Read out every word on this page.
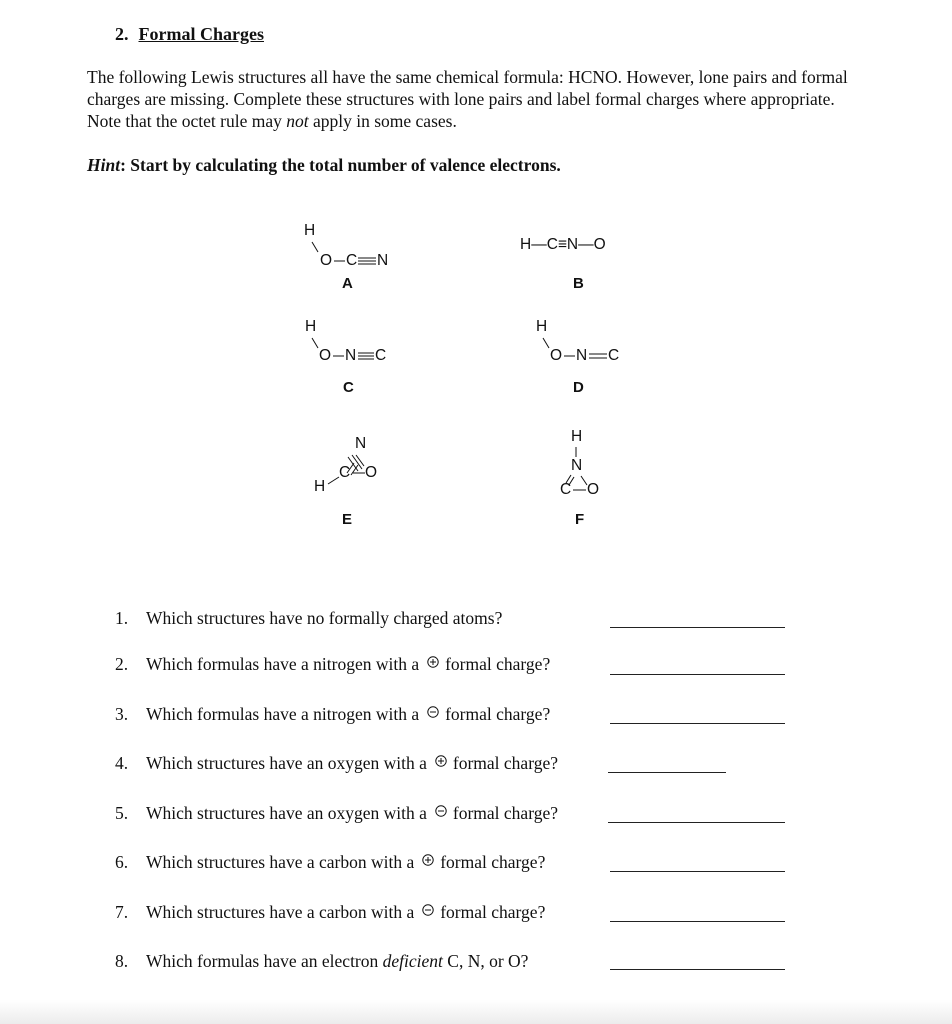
2. Formal Charges
The following Lewis structures all have the same chemical formula: HCNO. However, lone pairs and formal charges are missing. Complete these structures with lone pairs and label formal charges where appropriate. Note that the octet rule may not apply in some cases.
Hint: Start by calculating the total number of valence electrons.
H
O C N
A
H—C≡N—O
B
H
O N C
C
H
O N C
D
N
C O
H
E
H
N
C O
F
1. Which structures have no formally charged atoms?
2. Which formulas have a nitrogen with a formal charge?
3. Which formulas have a nitrogen with a formal charge?
4. Which structures have an oxygen with a formal charge?
5. Which structures have an oxygen with a formal charge?
6. Which structures have a carbon with a formal charge?
7. Which structures have a carbon with a formal charge?
8. Which formulas have an electron deficient C, N, or O?
